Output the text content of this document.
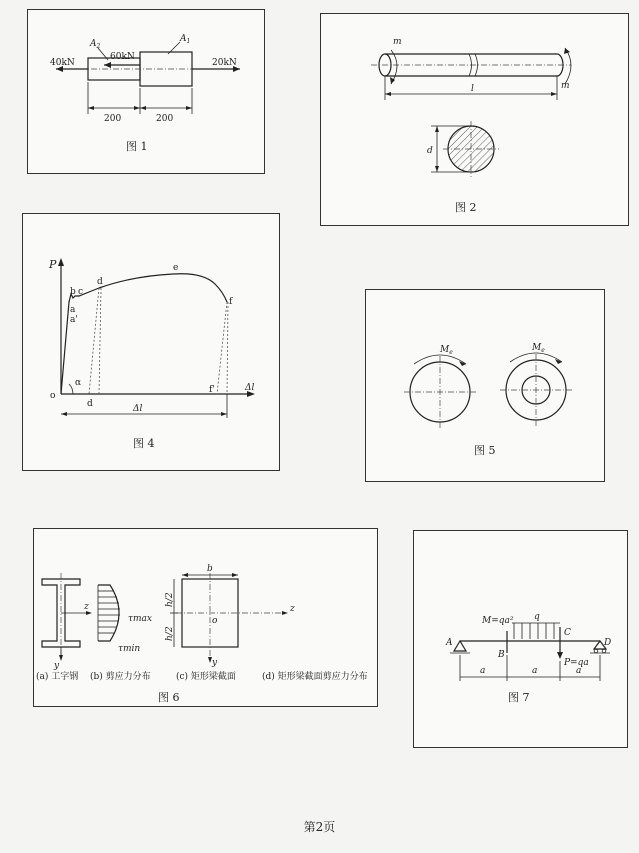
$A_2$
$A_1$
40kN
60kN
20kN
200	200
图 1
m
m
l
d
图 2
P
Δl
o
α
b c
a
a'
d
e
f
d
f'
Δl
图 4
$M_e$	$M_e$
图 5
b
h/2
h/2
o
z
z
y
y
τmax
τmin
(a) 工字钢 (b) 剪应力分布	(c) 矩形梁截面	(d) 矩形梁截面剪应力分布
图 6
M=qa² q
A
B
C
D
P=qa
a	a	a
图 7
第2页
